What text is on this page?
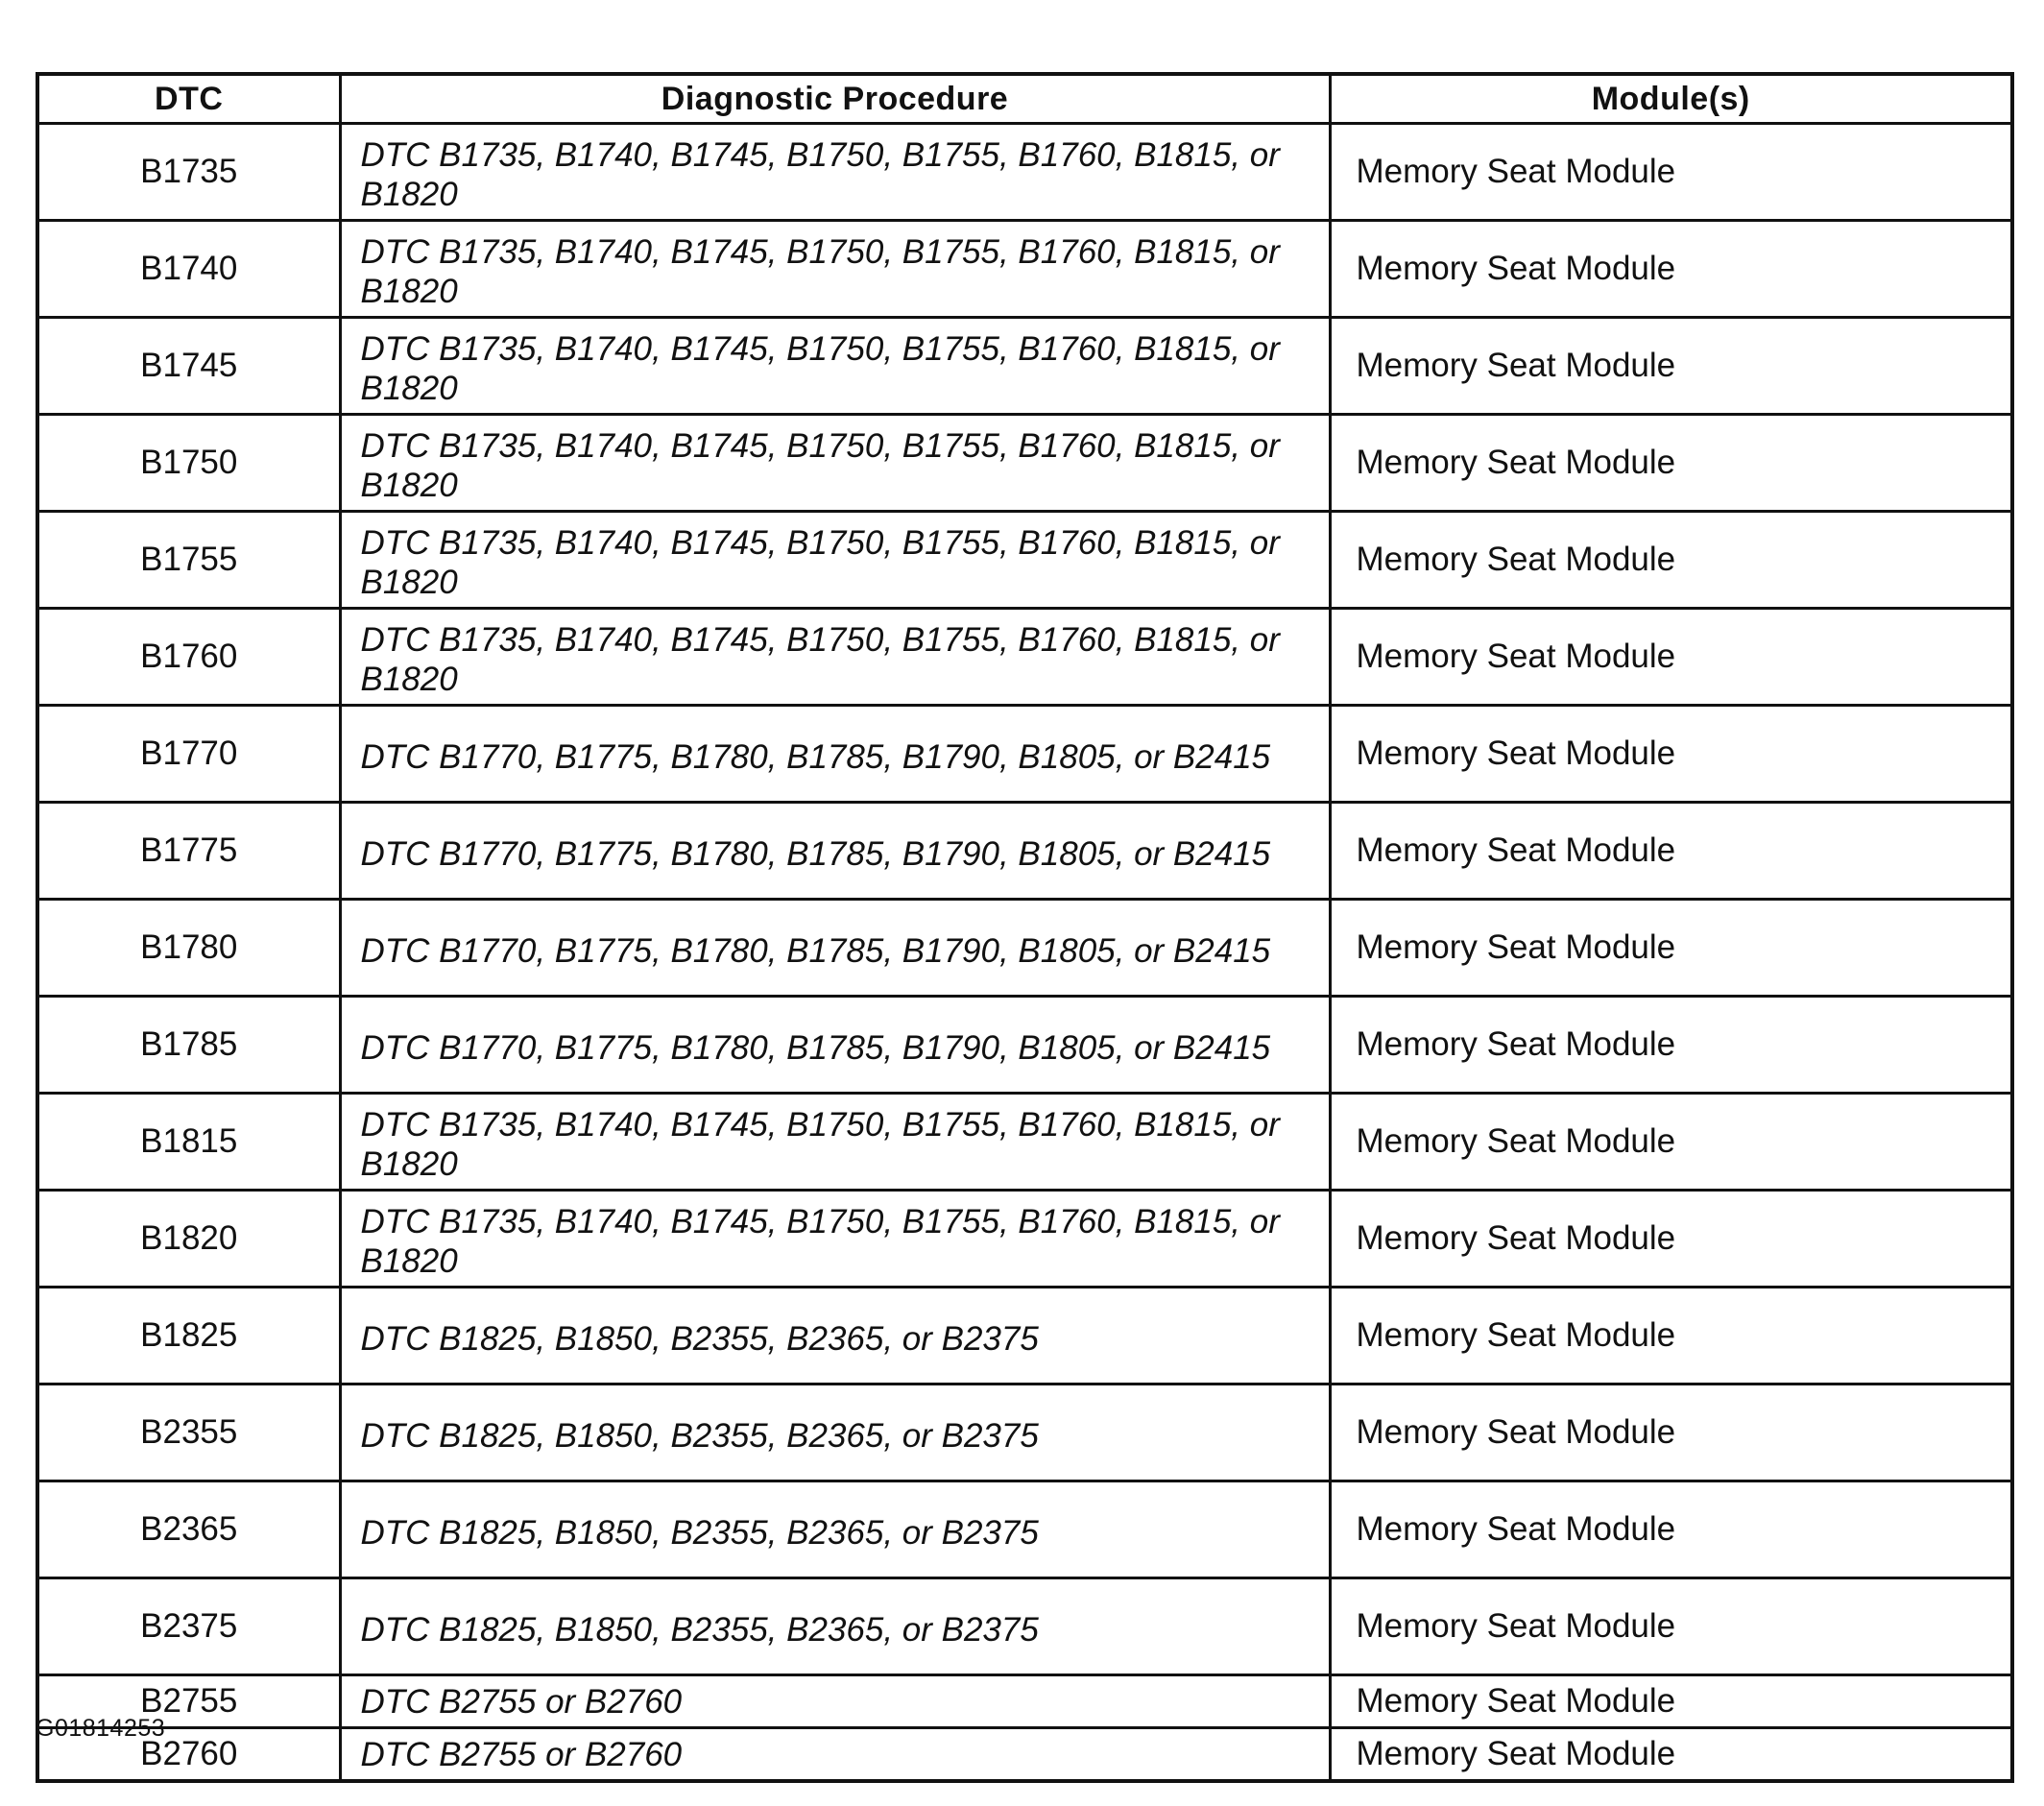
DTC	Diagnostic Procedure	Module(s)
B1735	DTC B1735, B1740, B1745, B1750, B1755, B1760, B1815, or B1820	Memory Seat Module
B1740	DTC B1735, B1740, B1745, B1750, B1755, B1760, B1815, or B1820	Memory Seat Module
B1745	DTC B1735, B1740, B1745, B1750, B1755, B1760, B1815, or B1820	Memory Seat Module
B1750	DTC B1735, B1740, B1745, B1750, B1755, B1760, B1815, or B1820	Memory Seat Module
B1755	DTC B1735, B1740, B1745, B1750, B1755, B1760, B1815, or B1820	Memory Seat Module
B1760	DTC B1735, B1740, B1745, B1750, B1755, B1760, B1815, or B1820	Memory Seat Module
B1770	DTC B1770, B1775, B1780, B1785, B1790, B1805, or B2415	Memory Seat Module
B1775	DTC B1770, B1775, B1780, B1785, B1790, B1805, or B2415	Memory Seat Module
B1780	DTC B1770, B1775, B1780, B1785, B1790, B1805, or B2415	Memory Seat Module
B1785	DTC B1770, B1775, B1780, B1785, B1790, B1805, or B2415	Memory Seat Module
B1815	DTC B1735, B1740, B1745, B1750, B1755, B1760, B1815, or B1820	Memory Seat Module
B1820	DTC B1735, B1740, B1745, B1750, B1755, B1760, B1815, or B1820	Memory Seat Module
B1825	DTC B1825, B1850, B2355, B2365, or B2375	Memory Seat Module
B2355	DTC B1825, B1850, B2355, B2365, or B2375	Memory Seat Module
B2365	DTC B1825, B1850, B2355, B2365, or B2375	Memory Seat Module
B2375	DTC B1825, B1850, B2355, B2365, or B2375	Memory Seat Module
B2755	DTC B2755 or B2760	Memory Seat Module
B2760	DTC B2755 or B2760	Memory Seat Module
G01814253
